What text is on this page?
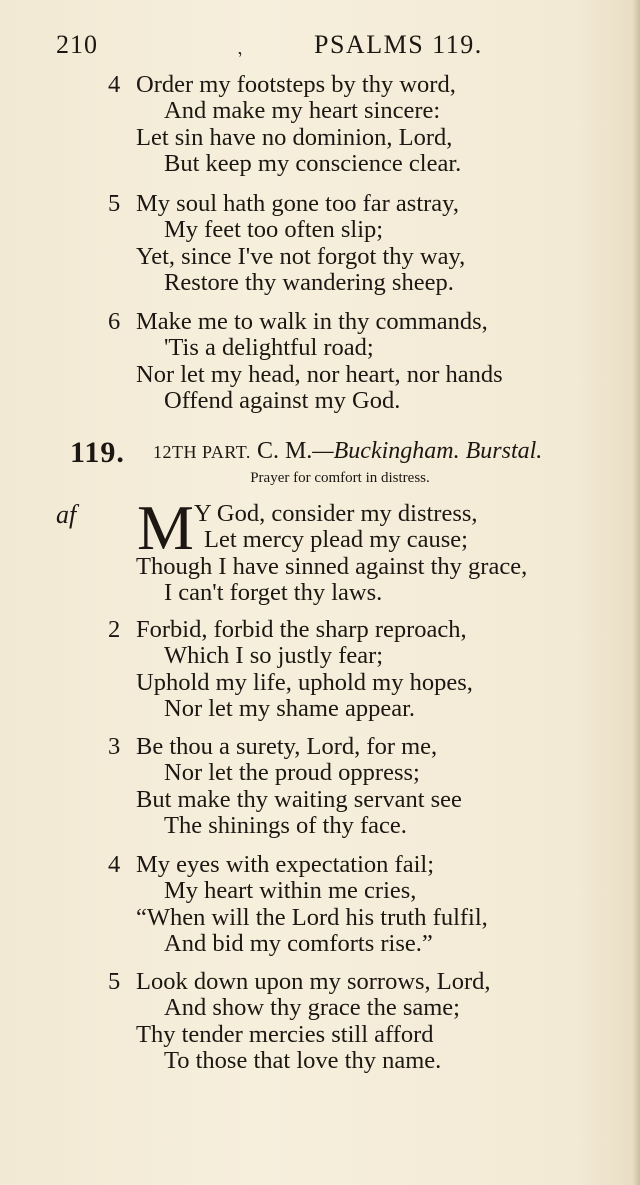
210	,	PSALMS 119.
4 Order my footsteps by thy word,
And make my heart sincere:
Let sin have no dominion, Lord,
But keep my conscience clear.
5 My soul hath gone too far astray,
My feet too often slip;
Yet, since I've not forgot thy way,
Restore thy wandering sheep.
6 Make me to walk in thy commands,
'Tis a delightful road;
Nor let my head, nor heart, nor hands
Offend against my God.
119. 12TH PART. C. M.—Buckingham. Burstal.
Prayer for comfort in distress.
af M Y God, consider my distress,
Let mercy plead my cause;
Though I have sinned against thy grace,
I can't forget thy laws.
2 Forbid, forbid the sharp reproach,
Which I so justly fear;
Uphold my life, uphold my hopes,
Nor let my shame appear.
3 Be thou a surety, Lord, for me,
Nor let the proud oppress;
But make thy waiting servant see
The shinings of thy face.
4 My eyes with expectation fail;
My heart within me cries,
“When will the Lord his truth fulfil,
And bid my comforts rise.”
5 Look down upon my sorrows, Lord,
And show thy grace the same;
Thy tender mercies still afford
To those that love thy name.
